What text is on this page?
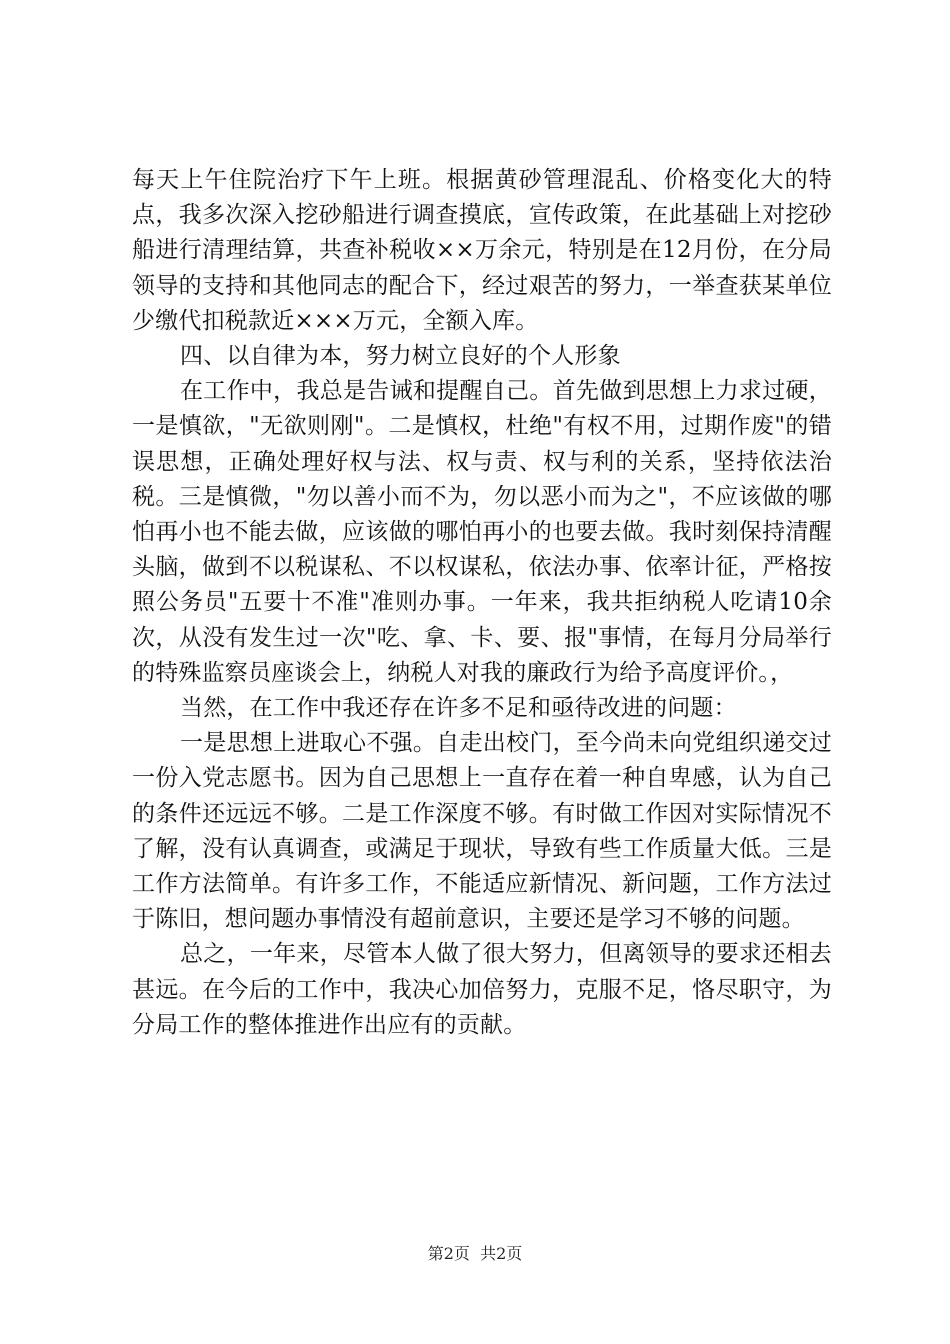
每天上午住院治疗下午上班。根据黄砂管理混乱、价格变化大的特点，我多次深入挖砂船进行调查摸底，宣传政策，在此基础上对挖砂船进行清理结算，共查补税收××万余元，特别是在12月份，在分局领导的支持和其他同志的配合下，经过艰苦的努力，一举查获某单位少缴代扣税款近×××万元，全额入库。

四、以自律为本，努力树立良好的个人形象

在工作中，我总是告诫和提醒自己。首先做到思想上力求过硬，一是慎欲，"无欲则刚"。二是慎权，杜绝"有权不用，过期作废"的错误思想，正确处理好权与法、权与责、权与利的关系，坚持依法治税。三是慎微，"勿以善小而不为，勿以恶小而为之"，不应该做的哪怕再小也不能去做，应该做的哪怕再小的也要去做。我时刻保持清醒头脑，做到不以税谋私、不以权谋私，依法办事、依率计征，严格按照公务员"五要十不准"准则办事。一年来，我共拒纳税人吃请10余次，从没有发生过一次"吃、拿、卡、要、报"事情，在每月分局举行的特殊监察员座谈会上，纳税人对我的廉政行为给予高度评价。，

当然，在工作中我还存在许多不足和亟待改进的问题：

一是思想上进取心不强。自走出校门，至今尚未向党组织递交过一份入党志愿书。因为自己思想上一直存在着一种自卑感，认为自己的条件还远远不够。二是工作深度不够。有时做工作因对实际情况不了解，没有认真调查，或满足于现状，导致有些工作质量大低。三是工作方法简单。有许多工作，不能适应新情况、新问题，工作方法过于陈旧，想问题办事情没有超前意识，主要还是学习不够的问题。

总之，一年来，尽管本人做了很大努力，但离领导的要求还相去甚远。在今后的工作中，我决心加倍努力，克服不足，恪尽职守，为分局工作的整体推进作出应有的贡献。

第2页  共2页
